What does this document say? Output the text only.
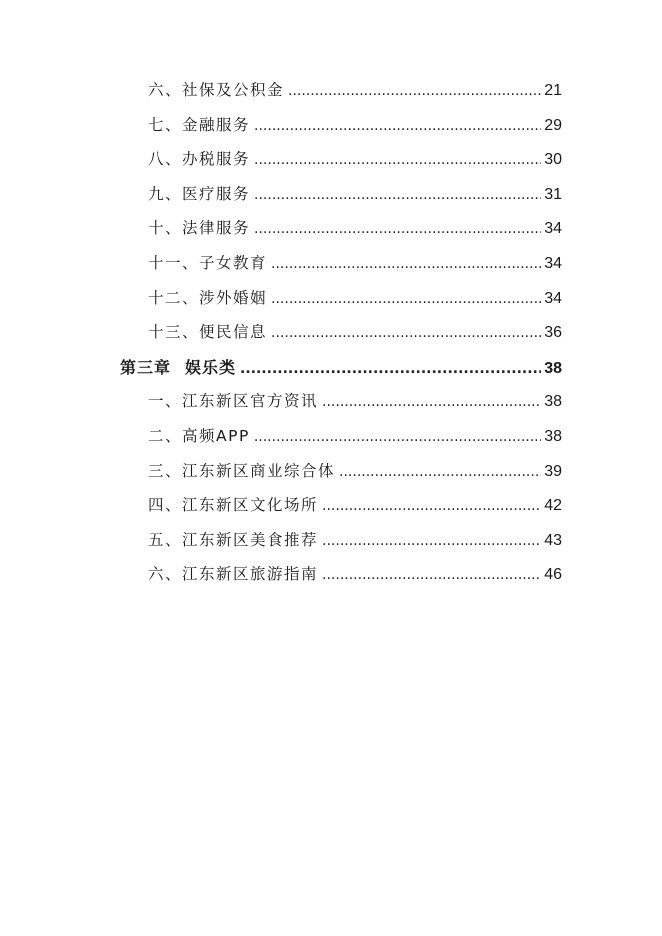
六、社保及公积金 .....	21
七、金融服务 .....	29
八、办税服务 .....	30
九、医疗服务 .....	31
十、法律服务 .....	34
十一、子女教育 .....	34
十二、涉外婚姻 .....	34
十三、便民信息 .....	36
第三章 娱乐类 .....	38
一、江东新区官方资讯 .....	38
二、高频APP .....	38
三、江东新区商业综合体 .....	39
四、江东新区文化场所 .....	42
五、江东新区美食推荐 .....	43
六、江东新区旅游指南 .....	46
